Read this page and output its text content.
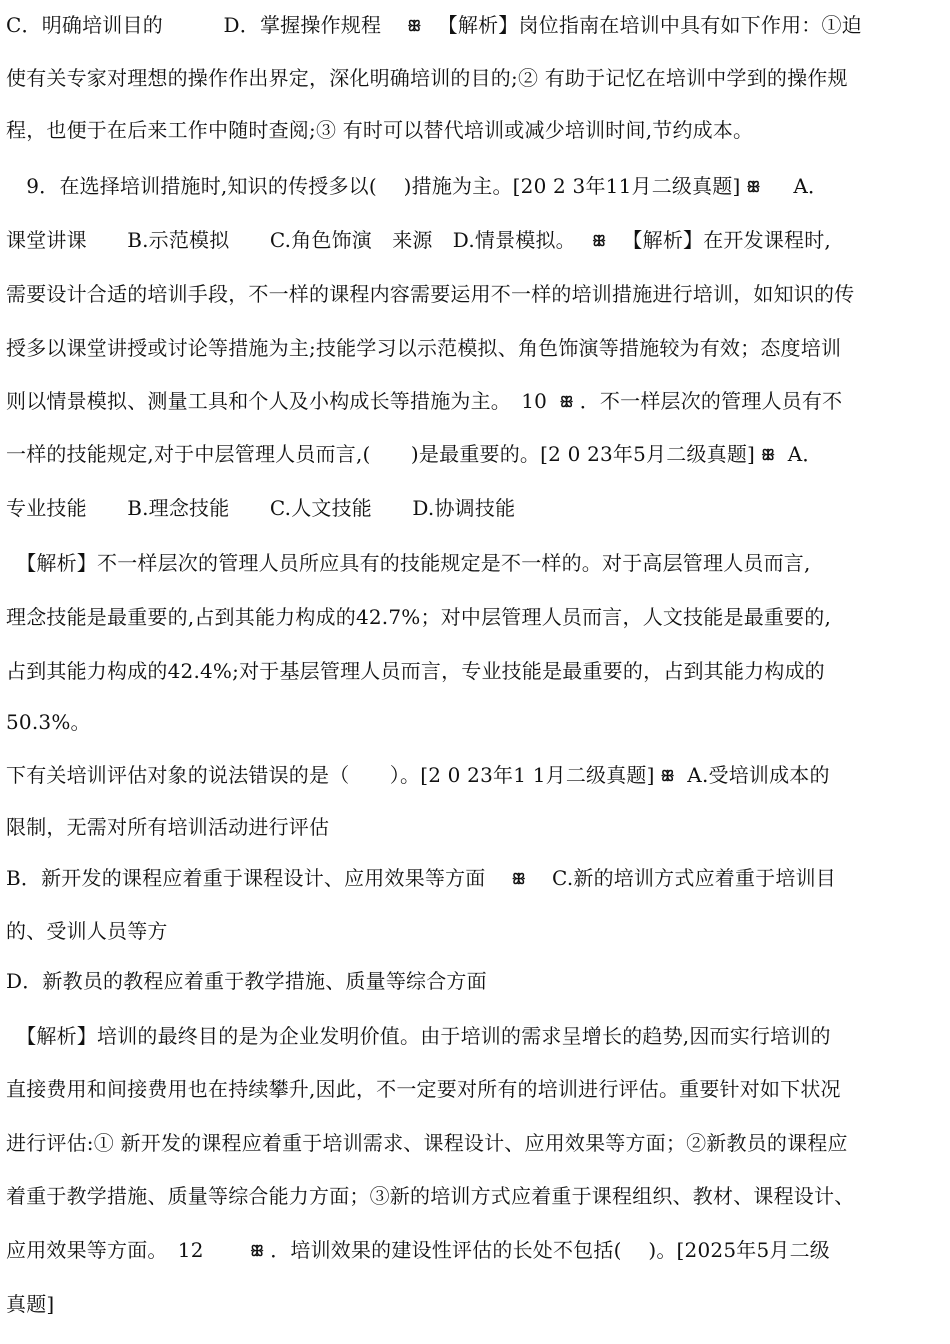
C．明确培训目的　　　D．掌握操作规程　ꕥ　【解析】岗位指南在培训中具有如下作用：①迫
使有关专家对理想的操作作出界定，深化明确培训的目的;② 有助于记忆在培训中学到的操作规
程，也便于在后来工作中随时查阅;③ 有时可以替代培训或减少培训时间,节约成本。
　9．在选择培训措施时,知识的传授多以(　 )措施为主。[20 2 3年11月二级真题] ꕥ　 A．
课堂讲课　　B.示范模拟　　C.角色饰演　来源　D.情景模拟。　ꕥ　【解析】在开发课程时,
需要设计合适的培训手段，不一样的课程内容需要运用不一样的培训措施进行培训，如知识的传
授多以课堂讲授或讨论等措施为主;技能学习以示范模拟、角色饰演等措施较为有效；态度培训
则以情景模拟、测量工具和个人及小构成长等措施为主。　10 ꕥ ．不一样层次的管理人员有不
一样的技能规定,对于中层管理人员而言,(　　)是最重要的。[2 0 23年5月二级真题] ꕥ A．
专业技能　　B.理念技能　　C.人文技能　　D.协调技能
　【解析】不一样层次的管理人员所应具有的技能规定是不一样的。对于高层管理人员而言,
理念技能是最重要的,占到其能力构成的42.7%；对中层管理人员而言，人文技能是最重要的,
占到其能力构成的42.4%;对于基层管理人员而言，专业技能是最重要的，占到其能力构成的
50.3%。
下有关培训评估对象的说法错误的是（　　）。[2 0 23年1 1月二级真题] ꕥ A.受培训成本的
限制，无需对所有培训活动进行评估
B．新开发的课程应着重于课程设计、应用效果等方面　ꕥ　C.新的培训方式应着重于培训目
的、受训人员等方
D．新教员的教程应着重于教学措施、质量等综合方面
　【解析】培训的最终目的是为企业发明价值。由于培训的需求呈增长的趋势,因而实行培训的
直接费用和间接费用也在持续攀升,因此，不一定要对所有的培训进行评估。重要针对如下状况
进行评估:① 新开发的课程应着重于培训需求、课程设计、应用效果等方面；②新教员的课程应
着重于教学措施、质量等综合能力方面；③新的培训方式应着重于课程组织、教材、课程设计、
应用效果等方面。　12　　ꕥ ．培训效果的建设性评估的长处不包括(　 )。[2025年5月二级
真题]
